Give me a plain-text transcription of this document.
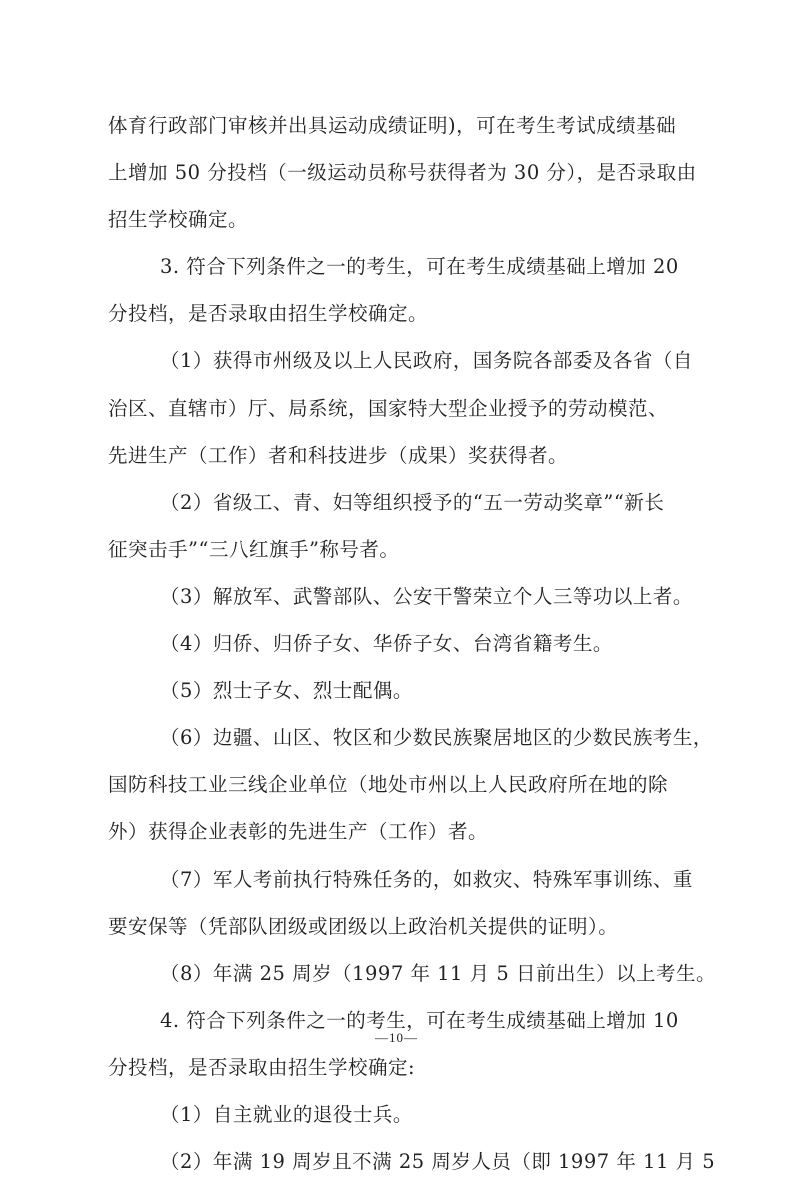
体育行政部门审核并出具运动成绩证明)，可在考生考试成绩基础
上增加 50 分投档（一级运动员称号获得者为 30 分），是否录取由
招生学校确定。
3. 符合下列条件之一的考生，可在考生成绩基础上增加 20
分投档，是否录取由招生学校确定。
（1）获得市州级及以上人民政府，国务院各部委及各省（自
治区、直辖市）厅、局系统，国家特大型企业授予的劳动模范、
先进生产（工作）者和科技进步（成果）奖获得者。
（2）省级工、青、妇等组织授予的“五一劳动奖章”“新长
征突击手”“三八红旗手”称号者。
（3）解放军、武警部队、公安干警荣立个人三等功以上者。
（4）归侨、归侨子女、华侨子女、台湾省籍考生。
（5）烈士子女、烈士配偶。
（6）边疆、山区、牧区和少数民族聚居地区的少数民族考生，
国防科技工业三线企业单位（地处市州以上人民政府所在地的除
外）获得企业表彰的先进生产（工作）者。
（7）军人考前执行特殊任务的，如救灾、特殊军事训练、重
要安保等（凭部队团级或团级以上政治机关提供的证明）。
（8）年满 25 周岁（1997 年 11 月 5 日前出生）以上考生。
4. 符合下列条件之一的考生，可在考生成绩基础上增加 10
分投档，是否录取由招生学校确定:
（1）自主就业的退役士兵。
（2）年满 19 周岁且不满 25 周岁人员（即 1997 年 11 月 5
—10—
